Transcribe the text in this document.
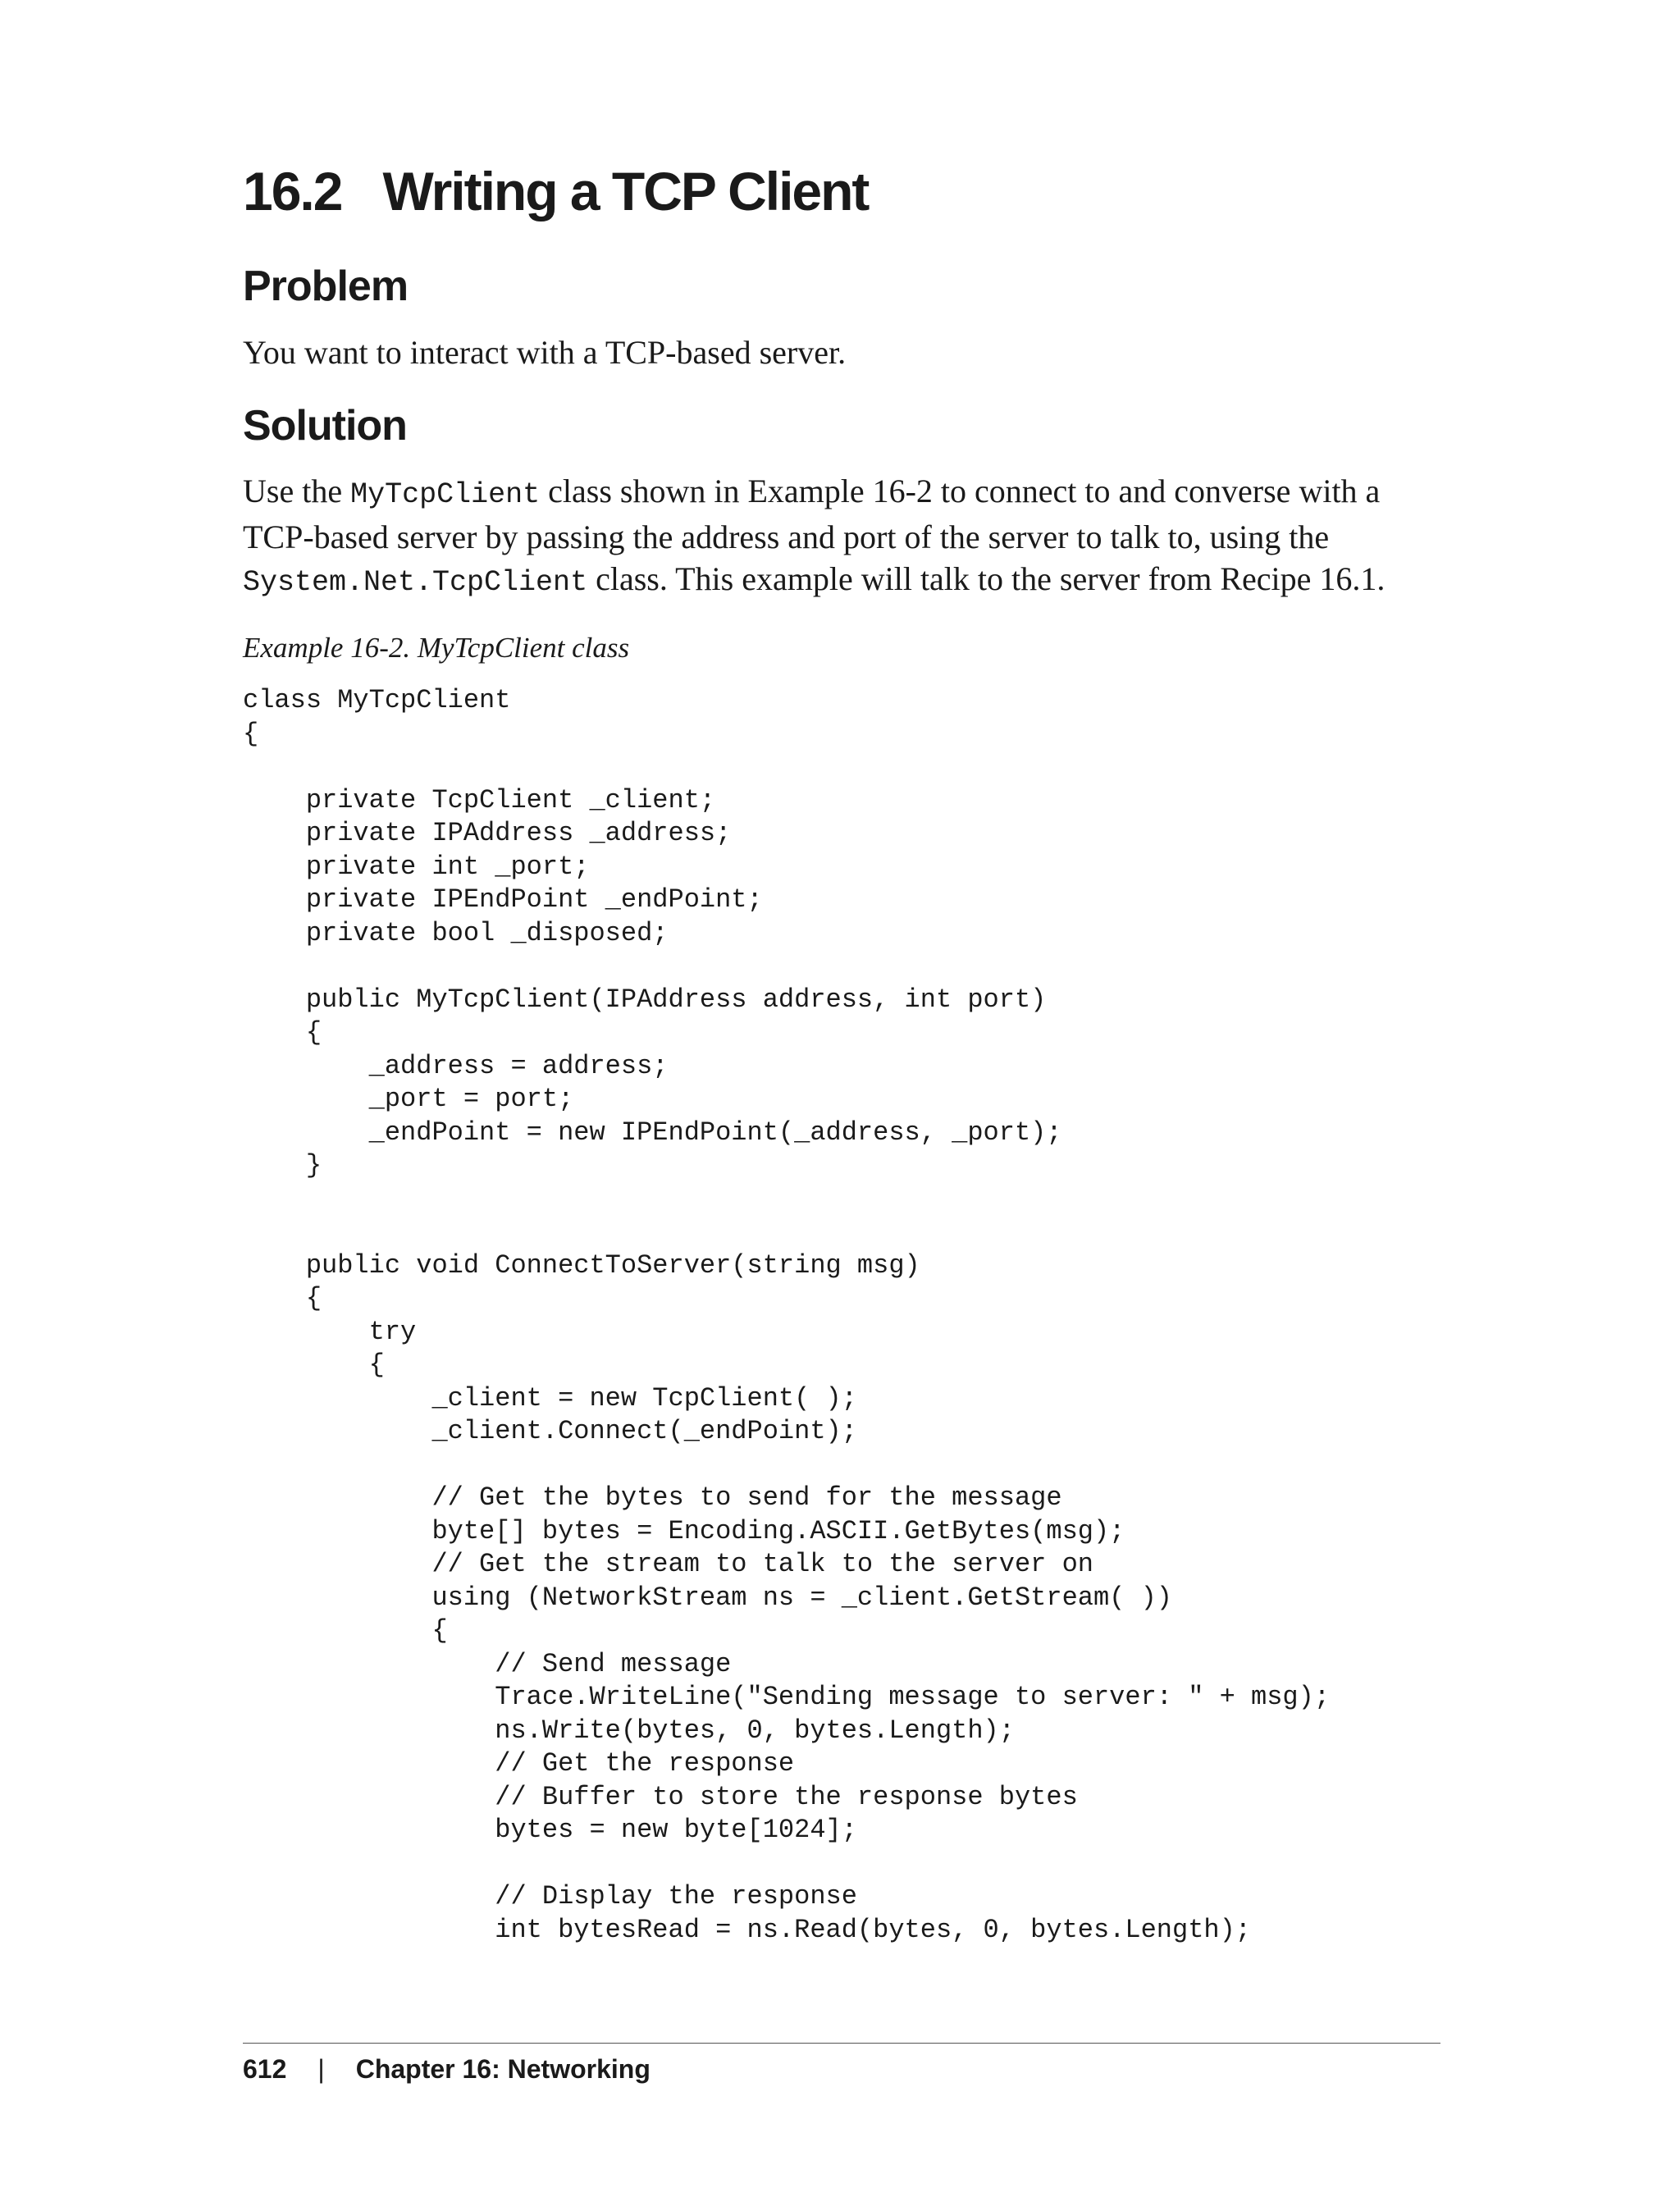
16.2 Writing a TCP Client
Problem

You want to interact with a TCP-based server.

Solution

Use the MyTcpClient class shown in Example 16-2 to connect to and converse with a TCP-based server by passing the address and port of the server to talk to, using the System.Net.TcpClient class. This example will talk to the server from Recipe 16.1.

Example 16-2. MyTcpClient class

class MyTcpClient
{

private TcpClient _client;
private IPAddress _address;
private int _port;
private IPEndPoint _endPoint;
private bool _disposed;

public MyTcpClient(IPAddress address, int port)
{
_address = address;
_port = port;
_endPoint = new IPEndPoint(_address, _port);
}

public void ConnectToServer(string msg)
{
try
{
_client = new TcpClient( );
_client.Connect(_endPoint);

// Get the bytes to send for the message
byte[] bytes = Encoding.ASCII.GetBytes(msg);
// Get the stream to talk to the server on
using (NetworkStream ns = _client.GetStream( ))
{
// Send message
Trace.WriteLine("Sending message to server: " + msg);
ns.Write(bytes, 0, bytes.Length);
// Get the response
// Buffer to store the response bytes
bytes = new byte[1024];

// Display the response
int bytesRead = ns.Read(bytes, 0, bytes.Length);
612 | Chapter 16: Networking
